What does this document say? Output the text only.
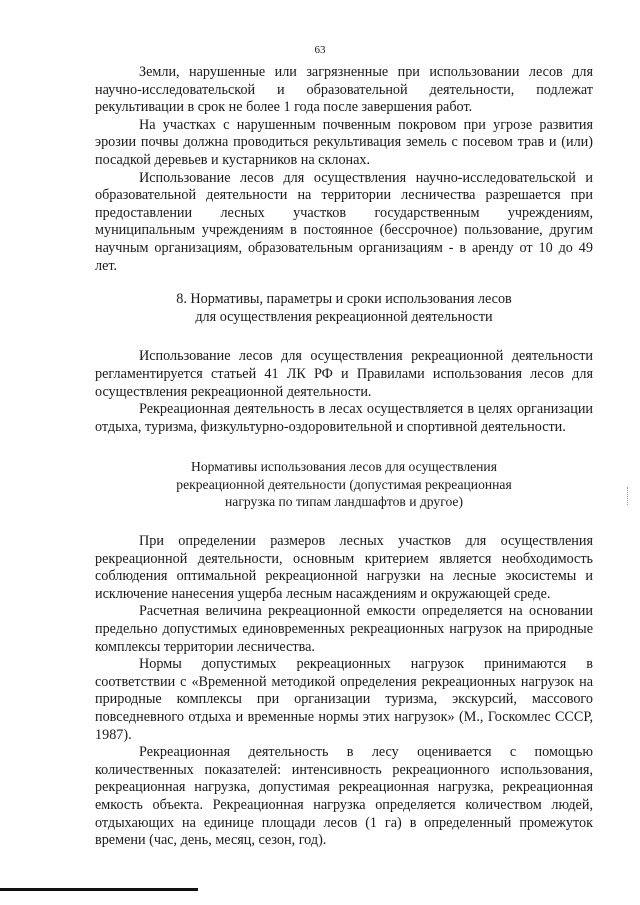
63

Земли, нарушенные или загрязненные при использовании лесов для научно-исследовательской и образовательной деятельности, подлежат рекультивации в срок не более 1 года после завершения работ.

На участках с нарушенным почвенным покровом при угрозе развития эрозии почвы должна проводиться рекультивация земель с посевом трав и (или) посадкой деревьев и кустарников на склонах.

Использование лесов для осуществления научно-исследовательской и образовательной деятельности на территории лесничества разрешается при предоставлении лесных участков государственным учреждениям, муниципальным учреждениям в постоянное (бессрочное) пользование, другим научным организациям, образовательным организациям - в аренду от 10 до 49 лет.

8. Нормативы, параметры и сроки использования лесов
для осуществления рекреационной деятельности

Использование лесов для осуществления рекреационной деятельности регламентируется статьей 41 ЛК РФ и Правилами использования лесов для осуществления рекреационной деятельности.

Рекреационная деятельность в лесах осуществляется в целях организации отдыха, туризма, физкультурно-оздоровительной и спортивной деятельности.

Нормативы использования лесов для осуществления
рекреационной деятельности (допустимая рекреационная
нагрузка по типам ландшафтов и другое)

При определении размеров лесных участков для осуществления рекреационной деятельности, основным критерием является необходимость соблюдения оптимальной рекреационной нагрузки на лесные экосистемы и исключение нанесения ущерба лесным насаждениям и окружающей среде.

Расчетная величина рекреационной емкости определяется на основании предельно допустимых единовременных рекреационных нагрузок на природные комплексы территории лесничества.

Нормы допустимых рекреационных нагрузок принимаются в соответствии с «Временной методикой определения рекреационных нагрузок на природные комплексы при организации туризма, экскурсий, массового повседневного отдыха и временные нормы этих нагрузок» (М., Госкомлес СССР, 1987).

Рекреационная деятельность в лесу оценивается с помощью количественных показателей: интенсивность рекреационного использования, рекреационная нагрузка, допустимая рекреационная нагрузка, рекреационная емкость объекта. Рекреационная нагрузка определяется количеством людей, отдыхающих на единице площади лесов (1 га) в определенный промежуток времени (час, день, месяц, сезон, год).
